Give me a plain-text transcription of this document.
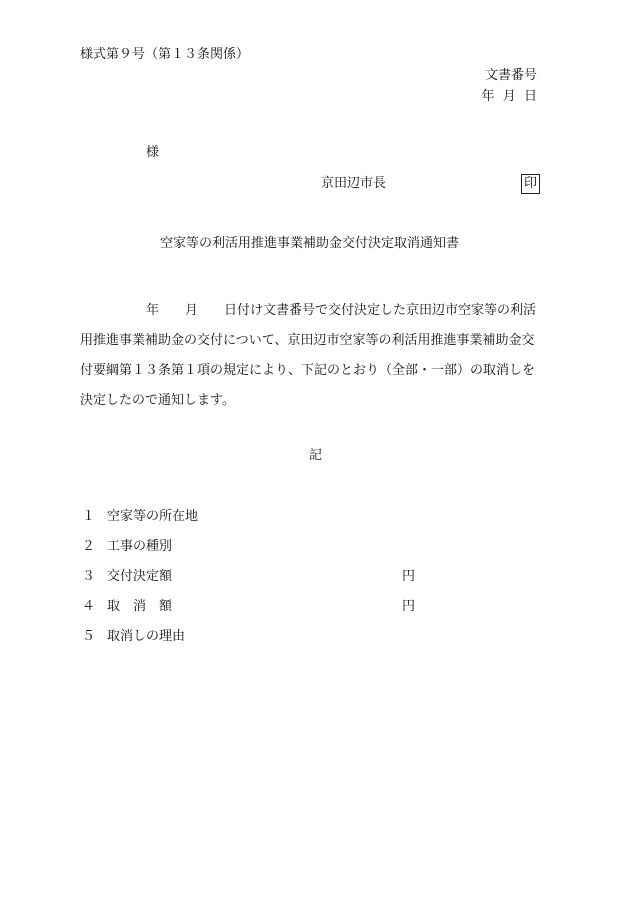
様式第９号（第１３条関係）
文書番号
年  月  日
様
京田辺市長	印
空家等の利活用推進事業補助金交付決定取消通知書

年 月 日付け文書番号で交付決定した京田辺市空家等の利活

用推進事業補助金の交付について、京田辺市空家等の利活用推進事業補助金交

付要綱第１３条第１項の規定により、下記のとおり（全部・一部）の取消しを

決定したので通知します。

記
１ 空家等の所在地
２ 工事の種別
３ 交付決定額	円
４ 取　消　額	円
５ 取消しの理由
